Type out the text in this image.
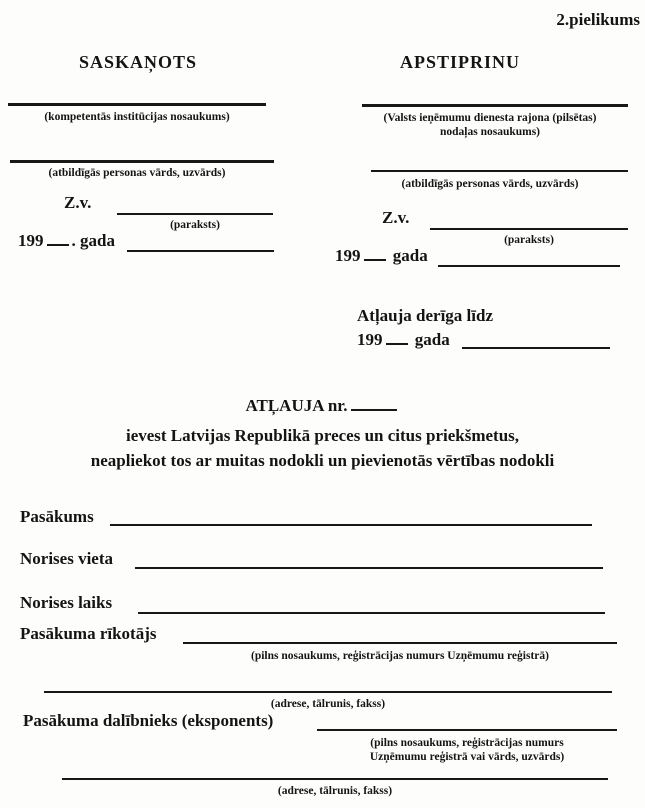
2.pielikums
SASKAŅOTS
(kompetentās institūcijas nosaukums)
(atbildīgās personas vārds, uzvārds)
Z.v.
(paraksts)
199 . gada
APSTIPRINU
(Valsts ieņēmumu dienesta rajona (pilsētas)
nodaļas nosaukums)
(atbildīgās personas vārds, uzvārds)
Z.v.
(paraksts)
199 gada
Atļauja derīga līdz
199 gada
ATĻAUJA nr.
ievest Latvijas Republikā preces un citus priekšmetus,
neapliekot tos ar muitas nodokli un pievienotās vērtības nodokli
Pasākums
Norises vieta
Norises laiks
Pasākuma rīkotājs
(pilns nosaukums, reģistrācijas numurs Uzņēmumu reģistrā)
(adrese, tālrunis, fakss)
Pasākuma dalībnieks (eksponents)
(pilns nosaukums, reģistrācijas numurs
Uzņēmumu reģistrā vai vārds, uzvārds)
(adrese, tālrunis, fakss)
